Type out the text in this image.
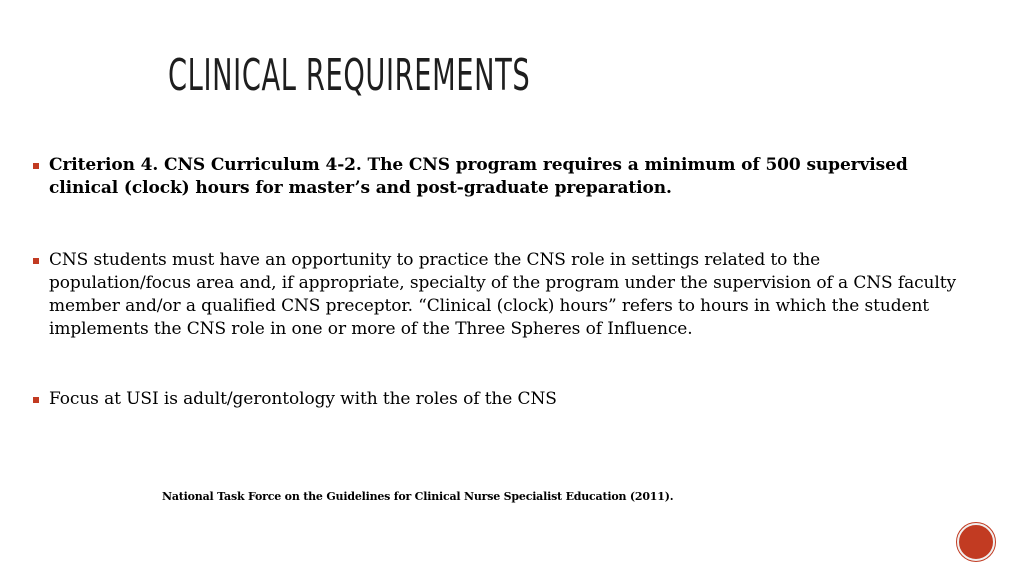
CLINICAL REQUIREMENTS
Criterion 4. CNS Curriculum 4-2. The CNS program requires a minimum of 500 supervised clinical (clock) hours for master’s and post-graduate preparation.
CNS students must have an opportunity to practice the CNS role in settings related to the population/focus area and, if appropriate, specialty of the program under the supervision of a CNS faculty member and/or a qualified CNS preceptor. “Clinical (clock) hours” refers to hours in which the student implements the CNS role in one or more of the Three Spheres of Influence.
Focus at USI is adult/gerontology with the roles of the CNS

National Task Force on the Guidelines for Clinical Nurse Specialist Education (2011).
